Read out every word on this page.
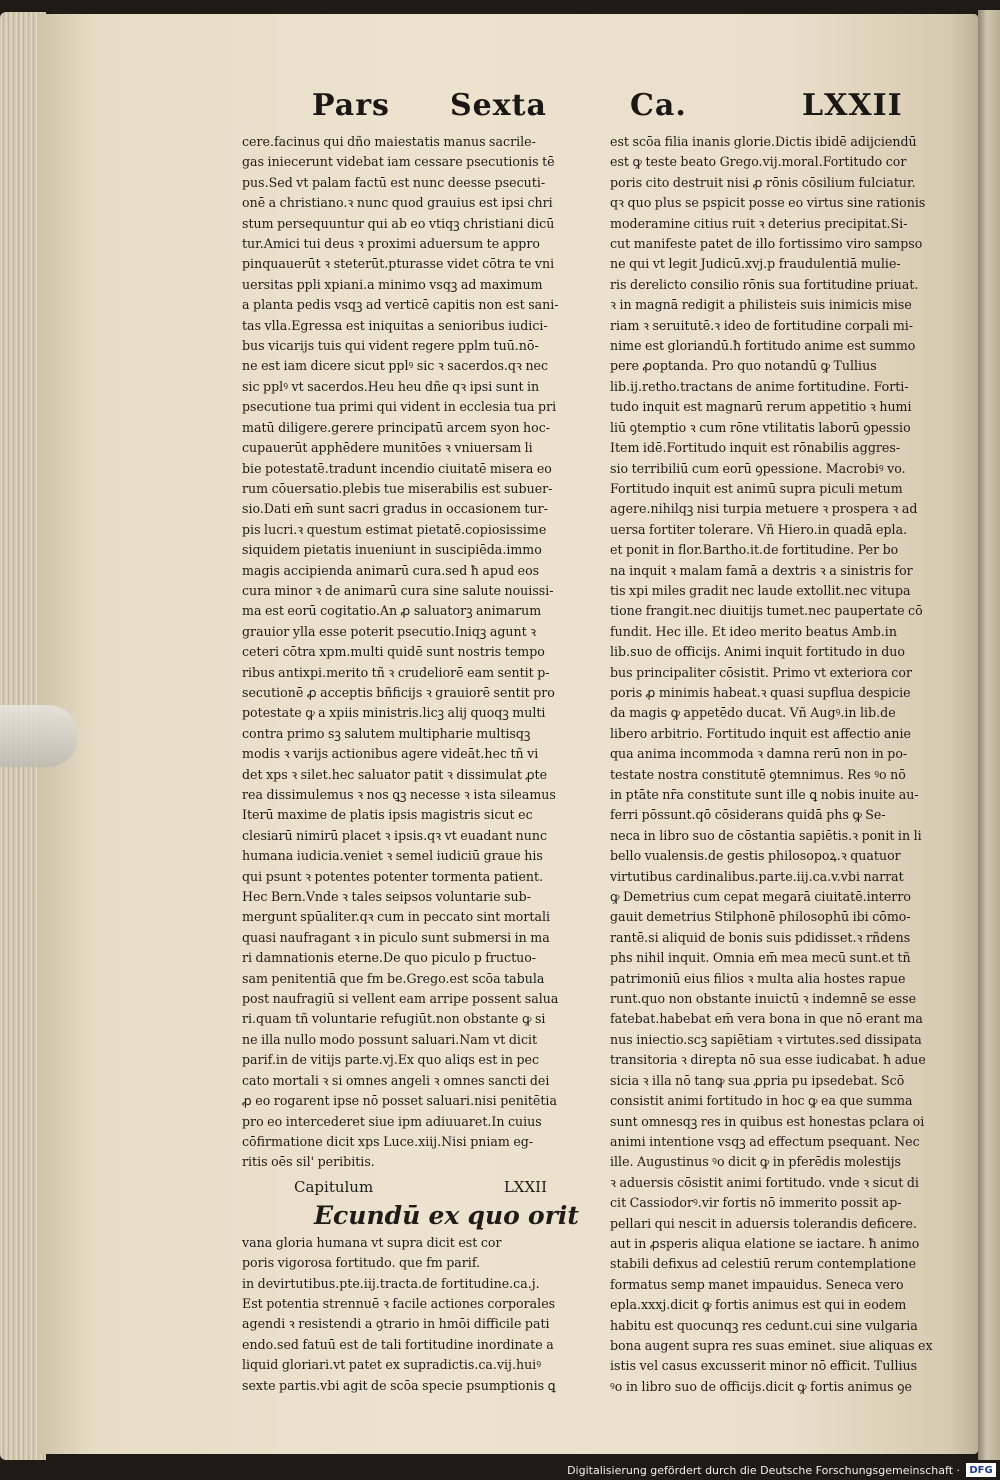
Pars Sexta	Ca.	LXXII

cere.facinus qui dño maiestatis manus sacrile-

gas iniecerunt videbat iam cessare psecutionis tē

pus.Sed vt palam factū est nunc deesse psecuti-

onē a christiano.ꝛ nunc quod grauius est ipsi chri

stum persequuntur qui ab eo vtiqꝫ christiani dicū

tur.Amici tui deus ꝛ proximi aduersum te appro

pinquauerūt ꝛ steterūt.pturasse videt cōtra te vni

uersitas ppli xpiani.a minimo vsqꝫ ad maximum

a planta pedis vsqꝫ ad verticē capitis non est sani-

tas vlla.Egressa est iniquitas a senioribus iudici-

bus vicarijs tuis qui vident regere pplm tuū.nō-

ne est iam dicere sicut pplꝰ sic ꝛ sacerdos.qꝛ nec

sic pplꝰ vt sacerdos.Heu heu dñe qꝛ ipsi sunt in

psecutione tua primi qui vident in ecclesia tua pri

matū diligere.gerere principatū arcem syon hoc-

cupauerūt apphēdere munitōes ꝛ vniuersam li

bie potestatē.tradunt incendio ciuitatē misera eo

rum cōuersatio.plebis tue miserabilis est subuer-

sio.Dati em̄ sunt sacri gradus in occasionem tur-

pis lucri.ꝛ questum estimat pietatē.copiosissime

siquidem pietatis inueniunt in suscipiēda.immo

magis accipienda animarū cura.sed ħ apud eos

cura minor ꝛ de animarū cura sine salute nouissi-

ma est eorū cogitatio.An ꝓ saluatorꝫ animarum

grauior ylla esse poterit psecutio.Iniqꝫ agunt ꝛ

ceteri cōtra xpm.multi quidē sunt nostris tempo

ribus antixpi.merito tñ ꝛ crudeliorē eam sentit p-

secutionē ꝓ acceptis bñficijs ꝛ grauiorē sentit pro

potestate ꝙ a xpiis ministris.licꝫ alij quoqꝫ multi

contra primo sꝫ salutem multipharie multisqꝫ

modis ꝛ varijs actionibus agere videāt.hec tñ vi

det xps ꝛ silet.hec saluator patit ꝛ dissimulat ꝓte

rea dissimulemus ꝛ nos ꝗꝫ necesse ꝛ ista sileamus

Iterū maxime de platis ipsis magistris sicut ec

clesiarū nimirū placet ꝛ ipsis.qꝛ vt euadant nunc

humana iudicia.veniet ꝛ semel iudiciū graue his

qui psunt ꝛ potentes potenter tormenta patient.

Hec Bern.Vnde ꝛ tales seipsos voluntarie sub-

mergunt spūaliter.qꝛ cum in peccato sint mortali

quasi naufragant ꝛ in piculo sunt submersi in ma

ri damnationis eterne.De quo piculo p fructuo-

sam penitentiā que fm be.Grego.est scōa tabula

post naufragiū si vellent eam arripe possent salua

ri.quam tñ voluntarie refugiūt.non obstante ꝙ si

ne illa nullo modo possunt saluari.Nam vt dicit

parif.in de vitijs parte.vj.Ex quo aliqs est in pec

cato mortali ꝛ si omnes angeli ꝛ omnes sancti dei

ꝓ eo rogarent ipse nō posset saluari.nisi penitētia

pro eo intercederet siue ipm adiuuaret.In cuius

cōfirmatione dicit xps Luce.xiij.Nisi pniam eg-

ritis oēs sil' peribitis.

Capitulum	LXXII
Ecundū ex quo orit

vana gloria humana vt supra dicit est cor

poris vigorosa fortitudo. que fm parif.

in devirtutibus.pte.iij.tracta.de fortitudine.ca.j.

Est potentia strennuē ꝛ facile actiones corporales

agendi ꝛ resistendi a ꝯtrario in hmōi difficile pati

endo.sed fatuū est de tali fortitudine inordinate a

liquid gloriari.vt patet ex supradictis.ca.vij.huiꝰ

sexte partis.vbi agit de scōa specie psumptionis ꝗ

est scōa filia inanis glorie.Dictis ibidē adijciendū

est ꝙ teste beato Grego.vij.moral.Fortitudo cor

poris cito destruit nisi ꝓ rōnis cōsilium fulciatur.

qꝛ quo plus se pspicit posse eo virtus sine rationis

moderamine citius ruit ꝛ deterius precipitat.Si-

cut manifeste patet de illo fortissimo viro sampso

ne qui vt legit Judicū.xvj.p fraudulentiā mulie-

ris derelicto consilio rōnis sua fortitudine priuat.

ꝛ in magnā redigit a philisteis suis inimicis mise

riam ꝛ seruitutē.ꝛ ideo de fortitudine corpali mi-

nime est gloriandū.ħ fortitudo anime est summo

pere ꝓoptanda. Pro quo notandū ꝙ Tullius

lib.ij.retho.tractans de anime fortitudine. Forti-

tudo inquit est magnarū rerum appetitio ꝛ humi

liū ꝯtemptio ꝛ cum rōne vtilitatis laborū ꝯpessio

Item idē.Fortitudo inquit est rōnabilis aggres-

sio terribiliū cum eorū ꝯpessione. Macrobiꝰ vo.

Fortitudo inquit est animū supra piculi metum

agere.nihilqꝫ nisi turpia metuere ꝛ prospera ꝛ ad

uersa fortiter tolerare. Vñ Hiero.in quadā epla.

et ponit in flor.Bartho.it.de fortitudine. Per bo

na inquit ꝛ malam famā a dextris ꝛ a sinistris for

tis xpi miles gradit nec laude extollit.nec vitupa

tione frangit.nec diuitijs tumet.nec paupertate cō

fundit. Hec ille. Et ideo merito beatus Amb.in

lib.suo de officijs. Animi inquit fortitudo in duo

bus principaliter cōsistit. Primo vt exteriora cor

poris ꝓ minimis habeat.ꝛ quasi supflua despicie

da magis ꝙ appetēdo ducat. Vñ Augꝰ.in lib.de

libero arbitrio. Fortitudo inquit est affectio anie

qua anima incommoda ꝛ damna rerū non in po-

testate nostra constitutē ꝯtemnimus. Res ꝰo nō

in ptāte nr̄a constitute sunt ille ꝗ nobis inuite au-

ferri pōssunt.qō cōsiderans quidā phs ꝙ Se-

neca in libro suo de cōstantia sapiētis.ꝛ ponit in li

bello vualensis.de gestis philosopoꝝ.ꝛ quatuor

virtutibus cardinalibus.parte.iij.ca.v.vbi narrat

ꝙ Demetrius cum cepat megarā ciuitatē.interro

gauit demetrius Stilphonē philosophū ibi cōmo-

rantē.si aliquid de bonis suis pdidisset.ꝛ rñdens

phs nihil inquit. Omnia em̄ mea mecū sunt.et tñ

patrimoniū eius filios ꝛ multa alia hostes rapue

runt.quo non obstante inuictū ꝛ indemnē se esse

fatebat.habebat em̄ vera bona in que nō erant ma

nus iniectio.scꝫ sapiētiam ꝛ virtutes.sed dissipata

transitoria ꝛ direpta nō sua esse iudicabat. ħ adue

sicia ꝛ illa nō tanꝙ sua ꝓpria pu ipsedebat. Scō

consistit animi fortitudo in hoc ꝙ ea que summa

sunt omnesqꝫ res in quibus est honestas pclara oi

animi intentione vsqꝫ ad effectum psequant. Nec

ille. Augustinus ꝰo dicit ꝙ in pferēdis molestijs

ꝛ aduersis cōsistit animi fortitudo. vnde ꝛ sicut di

cit Cassiodorꝰ.vir fortis nō immerito possit ap-

pellari qui nescit in aduersis tolerandis deficere.

aut in ꝓsperis aliqua elatione se iactare. ħ animo

stabili defixus ad celestiū rerum contemplatione

formatus semp manet impauidus. Seneca vero

epla.xxxj.dicit ꝙ fortis animus est qui in eodem

habitu est quocunqꝫ res cedunt.cui sine vulgaria

bona augent supra res suas eminet. siue aliquas ex

istis vel casus excusserit minor nō efficit. Tullius

ꝰo in libro suo de officijs.dicit ꝙ fortis animus ꝯe

Digitalisierung gefördert durch die Deutsche Forschungsgemeinschaft · DFG
